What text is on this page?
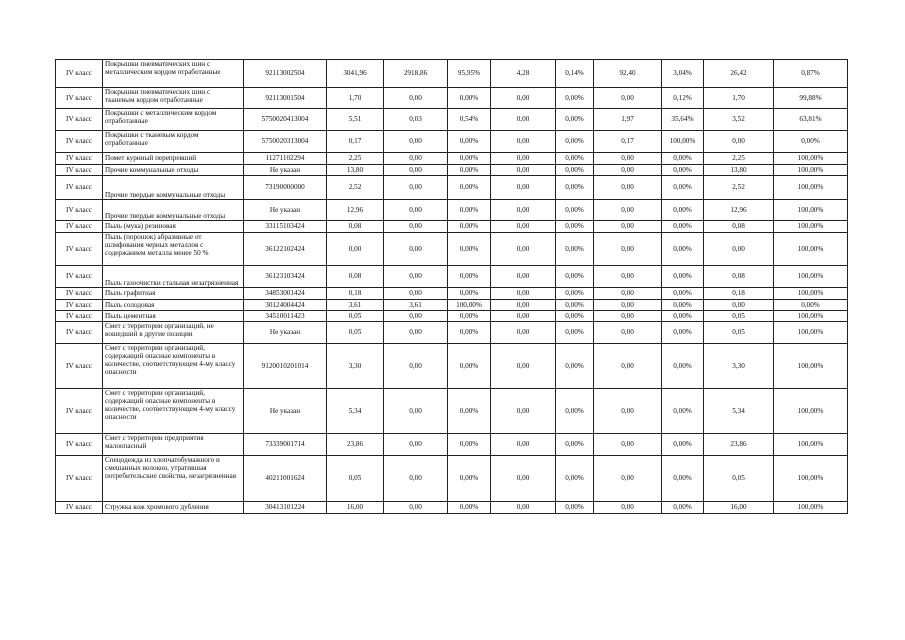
IV класс	Покрышки пневматических шин с металлическим кордом отработанные	92113002504	3041,96	2918,86	95,95%	4,28	0,14%	92,40	3,04%	26,42	0,87%
IV класс	Покрышки пневматических шин с тканевым кордом отработанные	92113001504	1,70	0,00	0,00%	0,00	0,00%	0,00	0,12%	1,70	99,88%
IV класс	Покрышки с металлическим кордом отработанные	5750020413004	5,51	0,03	0,54%	0,00	0,00%	1,97	35,64%	3,52	63,81%
IV класс	Покрышки с тканевым кордом отработанные	5750020313004	0,17	0,00	0,00%	0,00	0,00%	0,17	100,00%	0,00	0,00%
IV класс	Помет куриный перепревший	11271102294	2,25	0,00	0,00%	0,00	0,00%	0,00	0,00%	2,25	100,00%
IV класс	Прочие коммунальные отходы	Не указан	13,80	0,00	0,00%	0,00	0,00%	0,00	0,00%	13,80	100,00%
IV класс	Прочие твердые коммунальные отходы	73190000000	2,52	0,00	0,00%	0,00	0,00%	0,00	0,00%	2,52	100,00%
IV класс	Прочие твердые коммунальные отходы	Не указан	12,96	0,00	0,00%	0,00	0,00%	0,00	0,00%	12,96	100,00%
IV класс	Пыль (мука) резиновая	33115103424	0,08	0,00	0,00%	0,00	0,00%	0,00	0,00%	0,08	100,00%
IV класс	Пыль (порошок) абразивные от шлифования черных металлов с содержанием металла менее 50 %	36122102424	0,00	0,00	0,00%	0,00	0,00%	0,00	0,00%	0,00	100,00%
IV класс	Пыль газоочистки стальная незагрязненная	36123103424	0,08	0,00	0,00%	0,00	0,00%	0,00	0,00%	0,08	100,00%
IV класс	Пыль графитная	34853001424	0,18	0,00	0,00%	0,00	0,00%	0,00	0,00%	0,18	100,00%
IV класс	Пыль солодовая	30124004424	3,61	3,61	100,00%	0,00	0,00%	0,00	0,00%	0,00	0,00%
IV класс	Пыль цементная	34510011423	0,05	0,00	0,00%	0,00	0,00%	0,00	0,00%	0,05	100,00%
IV класс	Смет с территории организаций, не вошедший в другие позиции	Не указан	0,05	0,00	0,00%	0,00	0,00%	0,00	0,00%	0,05	100,00%
IV класс	Смет с территории организаций, содержащий опасные компоненты в количестве, соответствующем 4-му классу опасности	9120010201014	3,30	0,00	0,00%	0,00	0,00%	0,00	0,00%	3,30	100,00%
IV класс	Смет с территории организаций, содержащий опасные компоненты в количестве, соответствующем 4-му классу опасности	Не указан	5,34	0,00	0,00%	0,00	0,00%	0,00	0,00%	5,34	100,00%
IV класс	Смет с территории предприятия малоопасный	73339001714	23,86	0,00	0,00%	0,00	0,00%	0,00	0,00%	23,86	100,00%
IV класс	Спецодежда из хлопчатобумажного и смешанных волокон, утратившая потребительские свойства, незагрязненная	40211001624	0,05	0,00	0,00%	0,00	0,00%	0,00	0,00%	0,05	100,00%
IV класс	Стружка кож хромового дубления	30413101224	16,00	0,00	0,00%	0,00	0,00%	0,00	0,00%	16,00	100,00%
